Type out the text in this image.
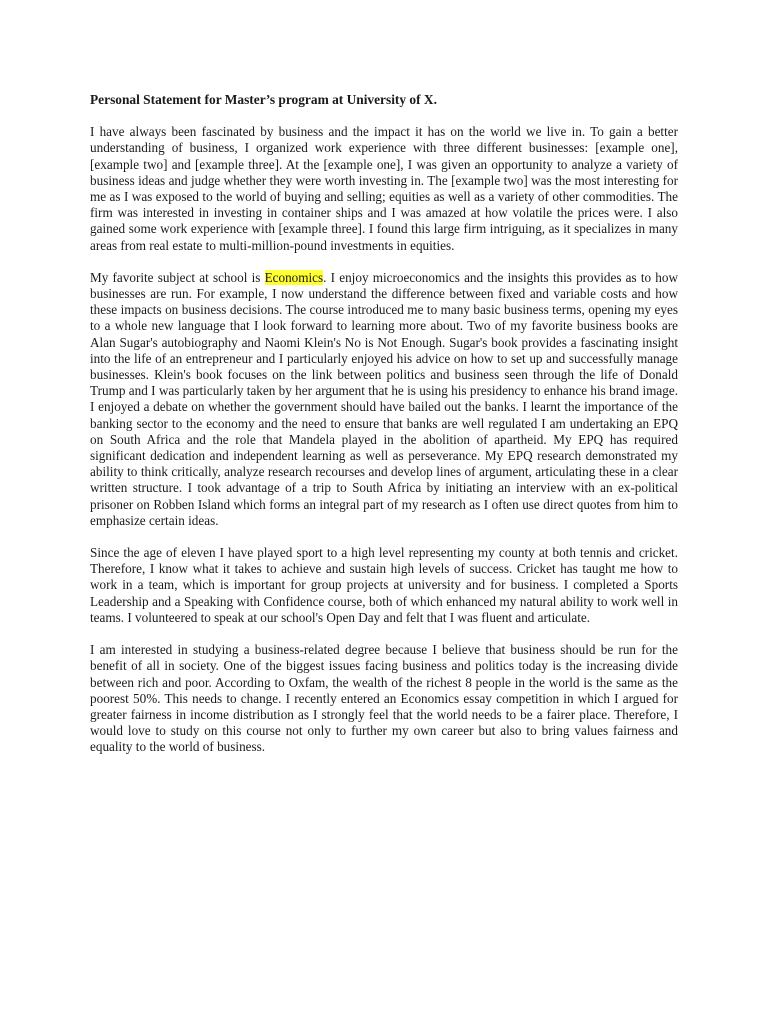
Personal Statement for Master’s program at University of X.

I have always been fascinated by business and the impact it has on the world we live in. To gain a better understanding of business, I organized work experience with three different businesses: [example one], [example two] and [example three]. At the [example one], I was given an opportunity to analyze a variety of business ideas and judge whether they were worth investing in. The [example two] was the most interesting for me as I was exposed to the world of buying and selling; equities as well as a variety of other commodities. The firm was interested in investing in container ships and I was amazed at how volatile the prices were. I also gained some work experience with [example three]. I found this large firm intriguing, as it specializes in many areas from real estate to multi-million-pound investments in equities.

My favorite subject at school is Economics. I enjoy microeconomics and the insights this provides as to how businesses are run. For example, I now understand the difference between fixed and variable costs and how these impacts on business decisions. The course introduced me to many basic business terms, opening my eyes to a whole new language that I look forward to learning more about. Two of my favorite business books are Alan Sugar's autobiography and Naomi Klein's No is Not Enough. Sugar's book provides a fascinating insight into the life of an entrepreneur and I particularly enjoyed his advice on how to set up and successfully manage businesses. Klein's book focuses on the link between politics and business seen through the life of Donald Trump and I was particularly taken by her argument that he is using his presidency to enhance his brand image. I enjoyed a debate on whether the government should have bailed out the banks. I learnt the importance of the banking sector to the economy and the need to ensure that banks are well regulated I am undertaking an EPQ on South Africa and the role that Mandela played in the abolition of apartheid. My EPQ has required significant dedication and independent learning as well as perseverance. My EPQ research demonstrated my ability to think critically, analyze research recourses and develop lines of argument, articulating these in a clear written structure. I took advantage of a trip to South Africa by initiating an interview with an ex-political prisoner on Robben Island which forms an integral part of my research as I often use direct quotes from him to emphasize certain ideas.

Since the age of eleven I have played sport to a high level representing my county at both tennis and cricket. Therefore, I know what it takes to achieve and sustain high levels of success. Cricket has taught me how to work in a team, which is important for group projects at university and for business. I completed a Sports Leadership and a Speaking with Confidence course, both of which enhanced my natural ability to work well in teams. I volunteered to speak at our school's Open Day and felt that I was fluent and articulate.

I am interested in studying a business-related degree because I believe that business should be run for the benefit of all in society. One of the biggest issues facing business and politics today is the increasing divide between rich and poor. According to Oxfam, the wealth of the richest 8 people in the world is the same as the poorest 50%. This needs to change. I recently entered an Economics essay competition in which I argued for greater fairness in income distribution as I strongly feel that the world needs to be a fairer place. Therefore, I would love to study on this course not only to further my own career but also to bring values fairness and equality to the world of business.
